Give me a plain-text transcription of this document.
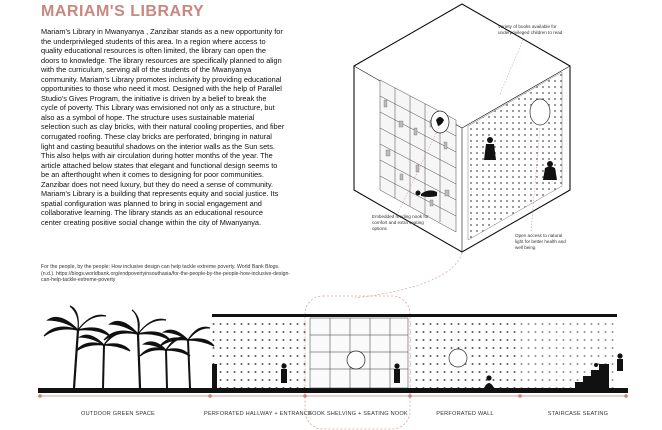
MARIAM'S LIBRARY

Mariam's Library in Mwanyanya , Zanzibar stands as a new opportunity for the underprivileged students of this area. In a region where access to quality educational resources is often limited, the library can open the doors to knowledge. The library resources are specifically planned to align with the curriculum, serving all of the students of the Mwanyanya community. Mariam's Library promotes inclusivity by providing educational opportunities to those who need it most. Designed with the help of Parallel Studio's Gives Program, the initiative is driven by a belief to break the cycle of poverty. This Library was envisioned not only as a structure, but also as a symbol of hope. The structure uses sustainable material selection such as clay bricks, with their natural cooling properties, and fiber corrugated roofing. These clay bricks are perforated, bringing in natural light and casting beautiful shadows on the interior walls as the Sun sets. This also helps with air circulation during hotter months of the year. The article attached below states that elegant and functional design seems to be an afterthought when it comes to designing for poor communities. Zanzibar does not need luxury, but they do need a sense of community. Mariam's Library is a building that represents equity and social justice. Its spatial configuration was planned to bring in social engagement and collaborative learning. The library stands as an educational resource center creating positive social change within the city of Mwanyanya.

For the people, by the people: How inclusive design can help tackle extreme poverty. World Bank Blogs. (n.d.). https://blogs.worldbank.org/endpovertyinsouthasia/for-the-people-by-the-people-how-inclusive-design-can-help-tackle-extreme-poverty

Variety of books available for underprivileged children to read
Embedded reading nook for comfort and extra seating options
Open access to natural light for better health and well being
OUTDOOR GREEN SPACE	PERFORATED HALLWAY + ENTRANCE
BOOK SHELVING + SEATING NOOK	PERFORATED WALL	STAIRCASE SEATING
